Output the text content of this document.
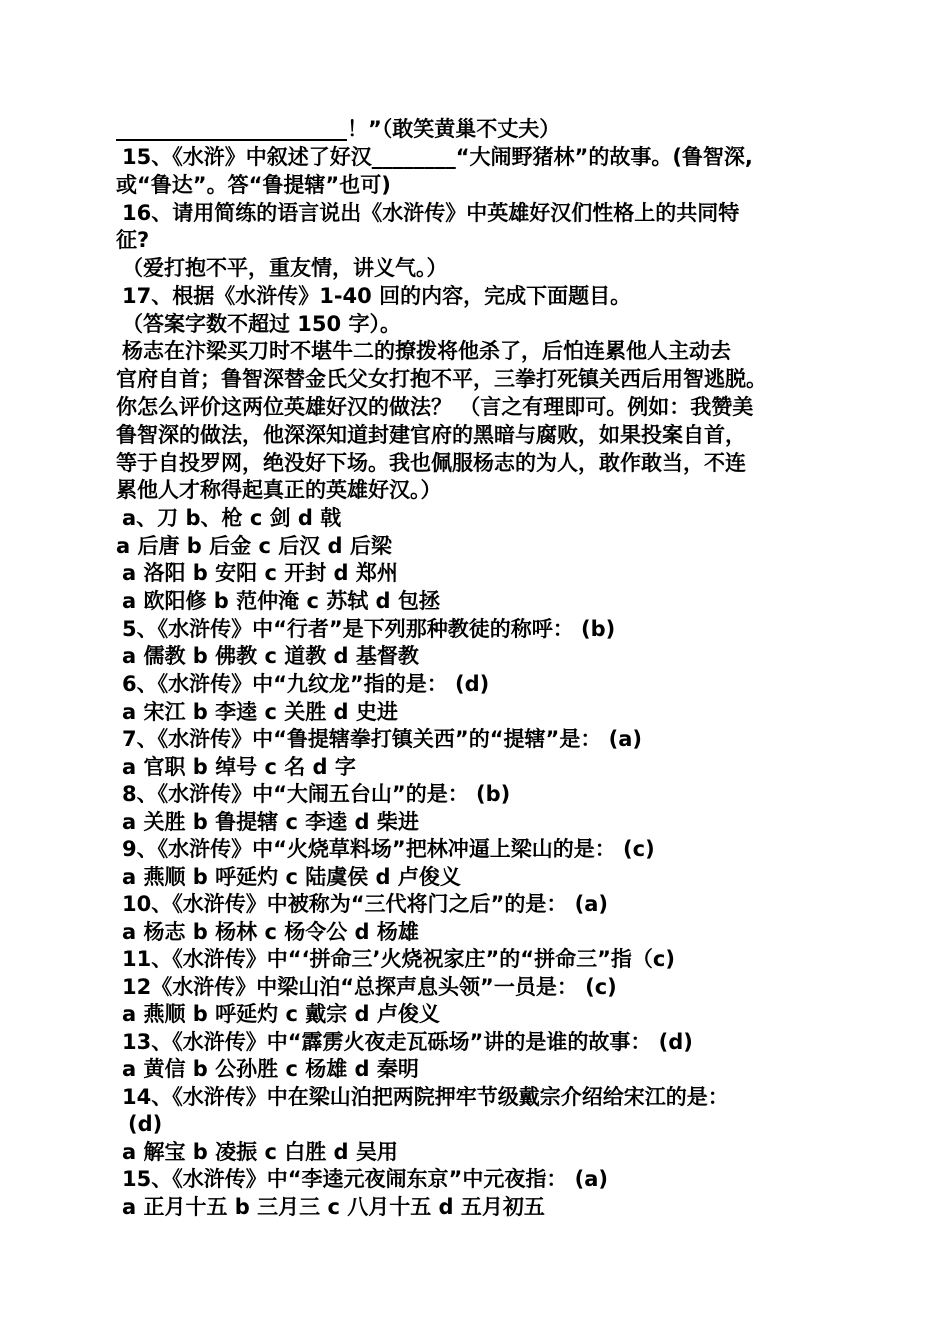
______________________！”（敢笑黄巢不丈夫）
15、《水浒》中叙述了好汉________“大闹野猪林”的故事。(鲁智深,
或“鲁达”。答“鲁提辖”也可)
16、请用简练的语言说出《水浒传》中英雄好汉们性格上的共同特
征?
（爱打抱不平，重友情，讲义气。）
17、根据《水浒传》1-40 回的内容，完成下面题目。
（答案字数不超过 150 字）。
杨志在汴梁买刀时不堪牛二的撩拨将他杀了，后怕连累他人主动去
官府自首；鲁智深替金氏父女打抱不平，三拳打死镇关西后用智逃脱。
你怎么评价这两位英雄好汉的做法？ （言之有理即可。例如：我赞美
鲁智深的做法，他深深知道封建官府的黑暗与腐败，如果投案自首，
等于自投罗网，绝没好下场。我也佩服杨志的为人，敢作敢当，不连
累他人才称得起真正的英雄好汉。）
a、刀 b、枪 c 剑 d 戟
a 后唐 b 后金 c 后汉 d 后梁
a 洛阳 b 安阳 c 开封 d 郑州
a 欧阳修 b 范仲淹 c 苏轼 d 包拯
5、《水浒传》中“行者”是下列那种教徒的称呼： (b)
a 儒教 b 佛教 c 道教 d 基督教
6、《水浒传》中“九纹龙”指的是： (d)
a 宋江 b 李逵 c 关胜 d 史进
7、《水浒传》中“鲁提辖拳打镇关西”的“提辖”是： (a)
a 官职 b 绰号 c 名 d 字
8、《水浒传》中“大闹五台山”的是： (b)
a 关胜 b 鲁提辖 c 李逵 d 柴进
9、《水浒传》中“火烧草料场”把林冲逼上梁山的是： (c)
a 燕顺 b 呼延灼 c 陆虞侯 d 卢俊义
10、《水浒传》中被称为“三代将门之后”的是： (a)
a 杨志 b 杨林 c 杨令公 d 杨雄
11、《水浒传》中“‘拼命三’火烧祝家庄”的“拼命三”指（c)
12《水浒传》中梁山泊“总探声息头领”一员是： (c)
a 燕顺 b 呼延灼 c 戴宗 d 卢俊义
13、《水浒传》中“霹雳火夜走瓦砾场”讲的是谁的故事： (d)
a 黄信 b 公孙胜 c 杨雄 d 秦明
14、《水浒传》中在梁山泊把两院押牢节级戴宗介绍给宋江的是：
(d)
a 解宝 b 凌振 c 白胜 d 吴用
15、《水浒传》中“李逵元夜闹东京”中元夜指： (a)
a 正月十五 b 三月三 c 八月十五 d 五月初五
